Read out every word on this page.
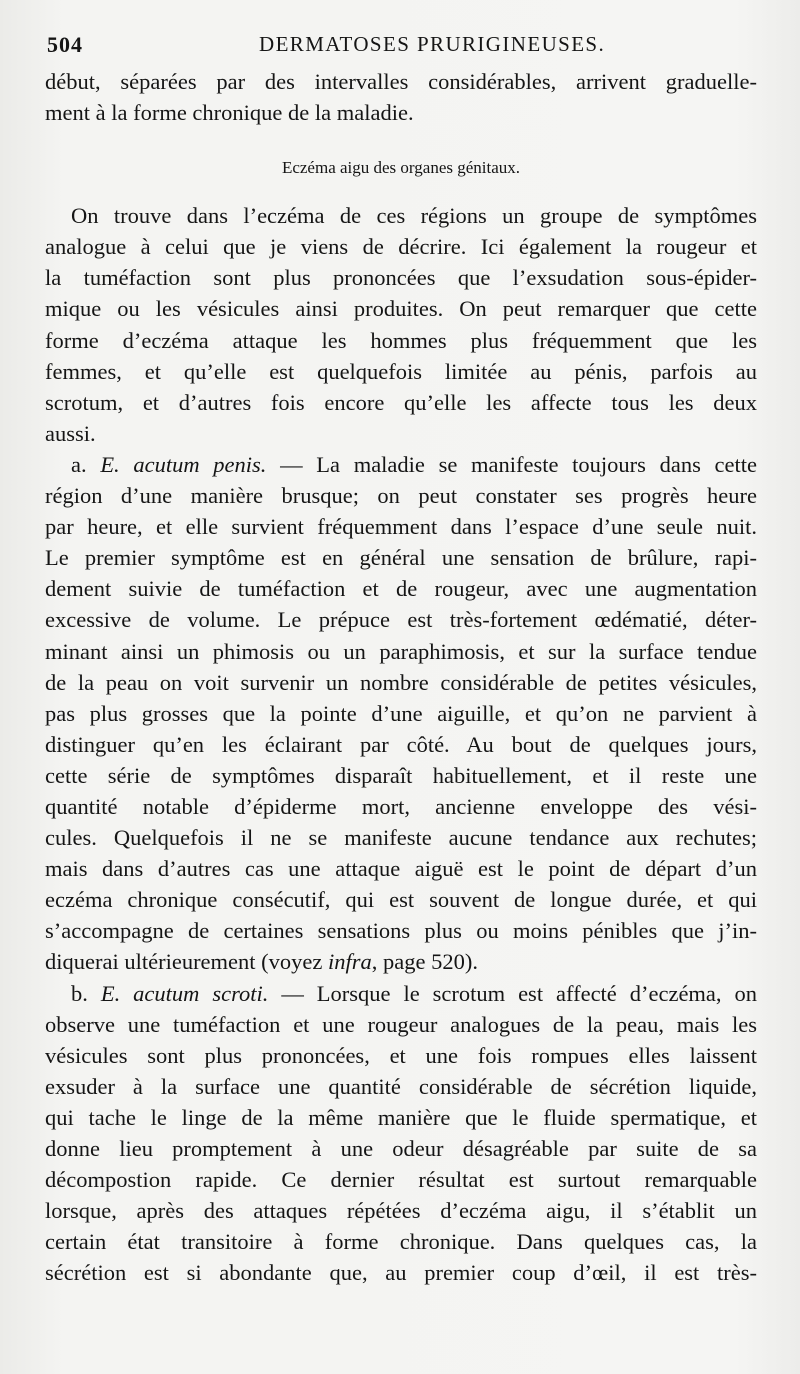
504	DERMATOSES PRURIGINEUSES.
début, séparées par des intervalles considérables, arrivent graduelle-
ment à la forme chronique de la maladie.
Eczéma aigu des organes génitaux.
On trouve dans l’eczéma de ces régions un groupe de symptômes
analogue à celui que je viens de décrire. Ici également la rougeur et
la tuméfaction sont plus prononcées que l’exsudation sous-épider-
mique ou les vésicules ainsi produites. On peut remarquer que cette
forme d’eczéma attaque les hommes plus fréquemment que les
femmes, et qu’elle est quelquefois limitée au pénis, parfois au
scrotum, et d’autres fois encore qu’elle les affecte tous les deux
aussi.
a. E. acutum penis. — La maladie se manifeste toujours dans cette
région d’une manière brusque; on peut constater ses progrès heure
par heure, et elle survient fréquemment dans l’espace d’une seule nuit.
Le premier symptôme est en général une sensation de brûlure, rapi-
dement suivie de tuméfaction et de rougeur, avec une augmentation
excessive de volume. Le prépuce est très-fortement œdématié, déter-
minant ainsi un phimosis ou un paraphimosis, et sur la surface tendue
de la peau on voit survenir un nombre considérable de petites vésicules,
pas plus grosses que la pointe d’une aiguille, et qu’on ne parvient à
distinguer qu’en les éclairant par côté. Au bout de quelques jours,
cette série de symptômes disparaît habituellement, et il reste une
quantité notable d’épiderme mort, ancienne enveloppe des vési-
cules. Quelquefois il ne se manifeste aucune tendance aux rechutes;
mais dans d’autres cas une attaque aiguë est le point de départ d’un
eczéma chronique consécutif, qui est souvent de longue durée, et qui
s’accompagne de certaines sensations plus ou moins pénibles que j’in-
diquerai ultérieurement (voyez infra, page 520).
b. E. acutum scroti. — Lorsque le scrotum est affecté d’eczéma, on
observe une tuméfaction et une rougeur analogues de la peau, mais les
vésicules sont plus prononcées, et une fois rompues elles laissent
exsuder à la surface une quantité considérable de sécrétion liquide,
qui tache le linge de la même manière que le fluide spermatique, et
donne lieu promptement à une odeur désagréable par suite de sa
décompostion rapide. Ce dernier résultat est surtout remarquable
lorsque, après des attaques répétées d’eczéma aigu, il s’établit un
certain état transitoire à forme chronique. Dans quelques cas, la
sécrétion est si abondante que, au premier coup d’œil, il est très-
